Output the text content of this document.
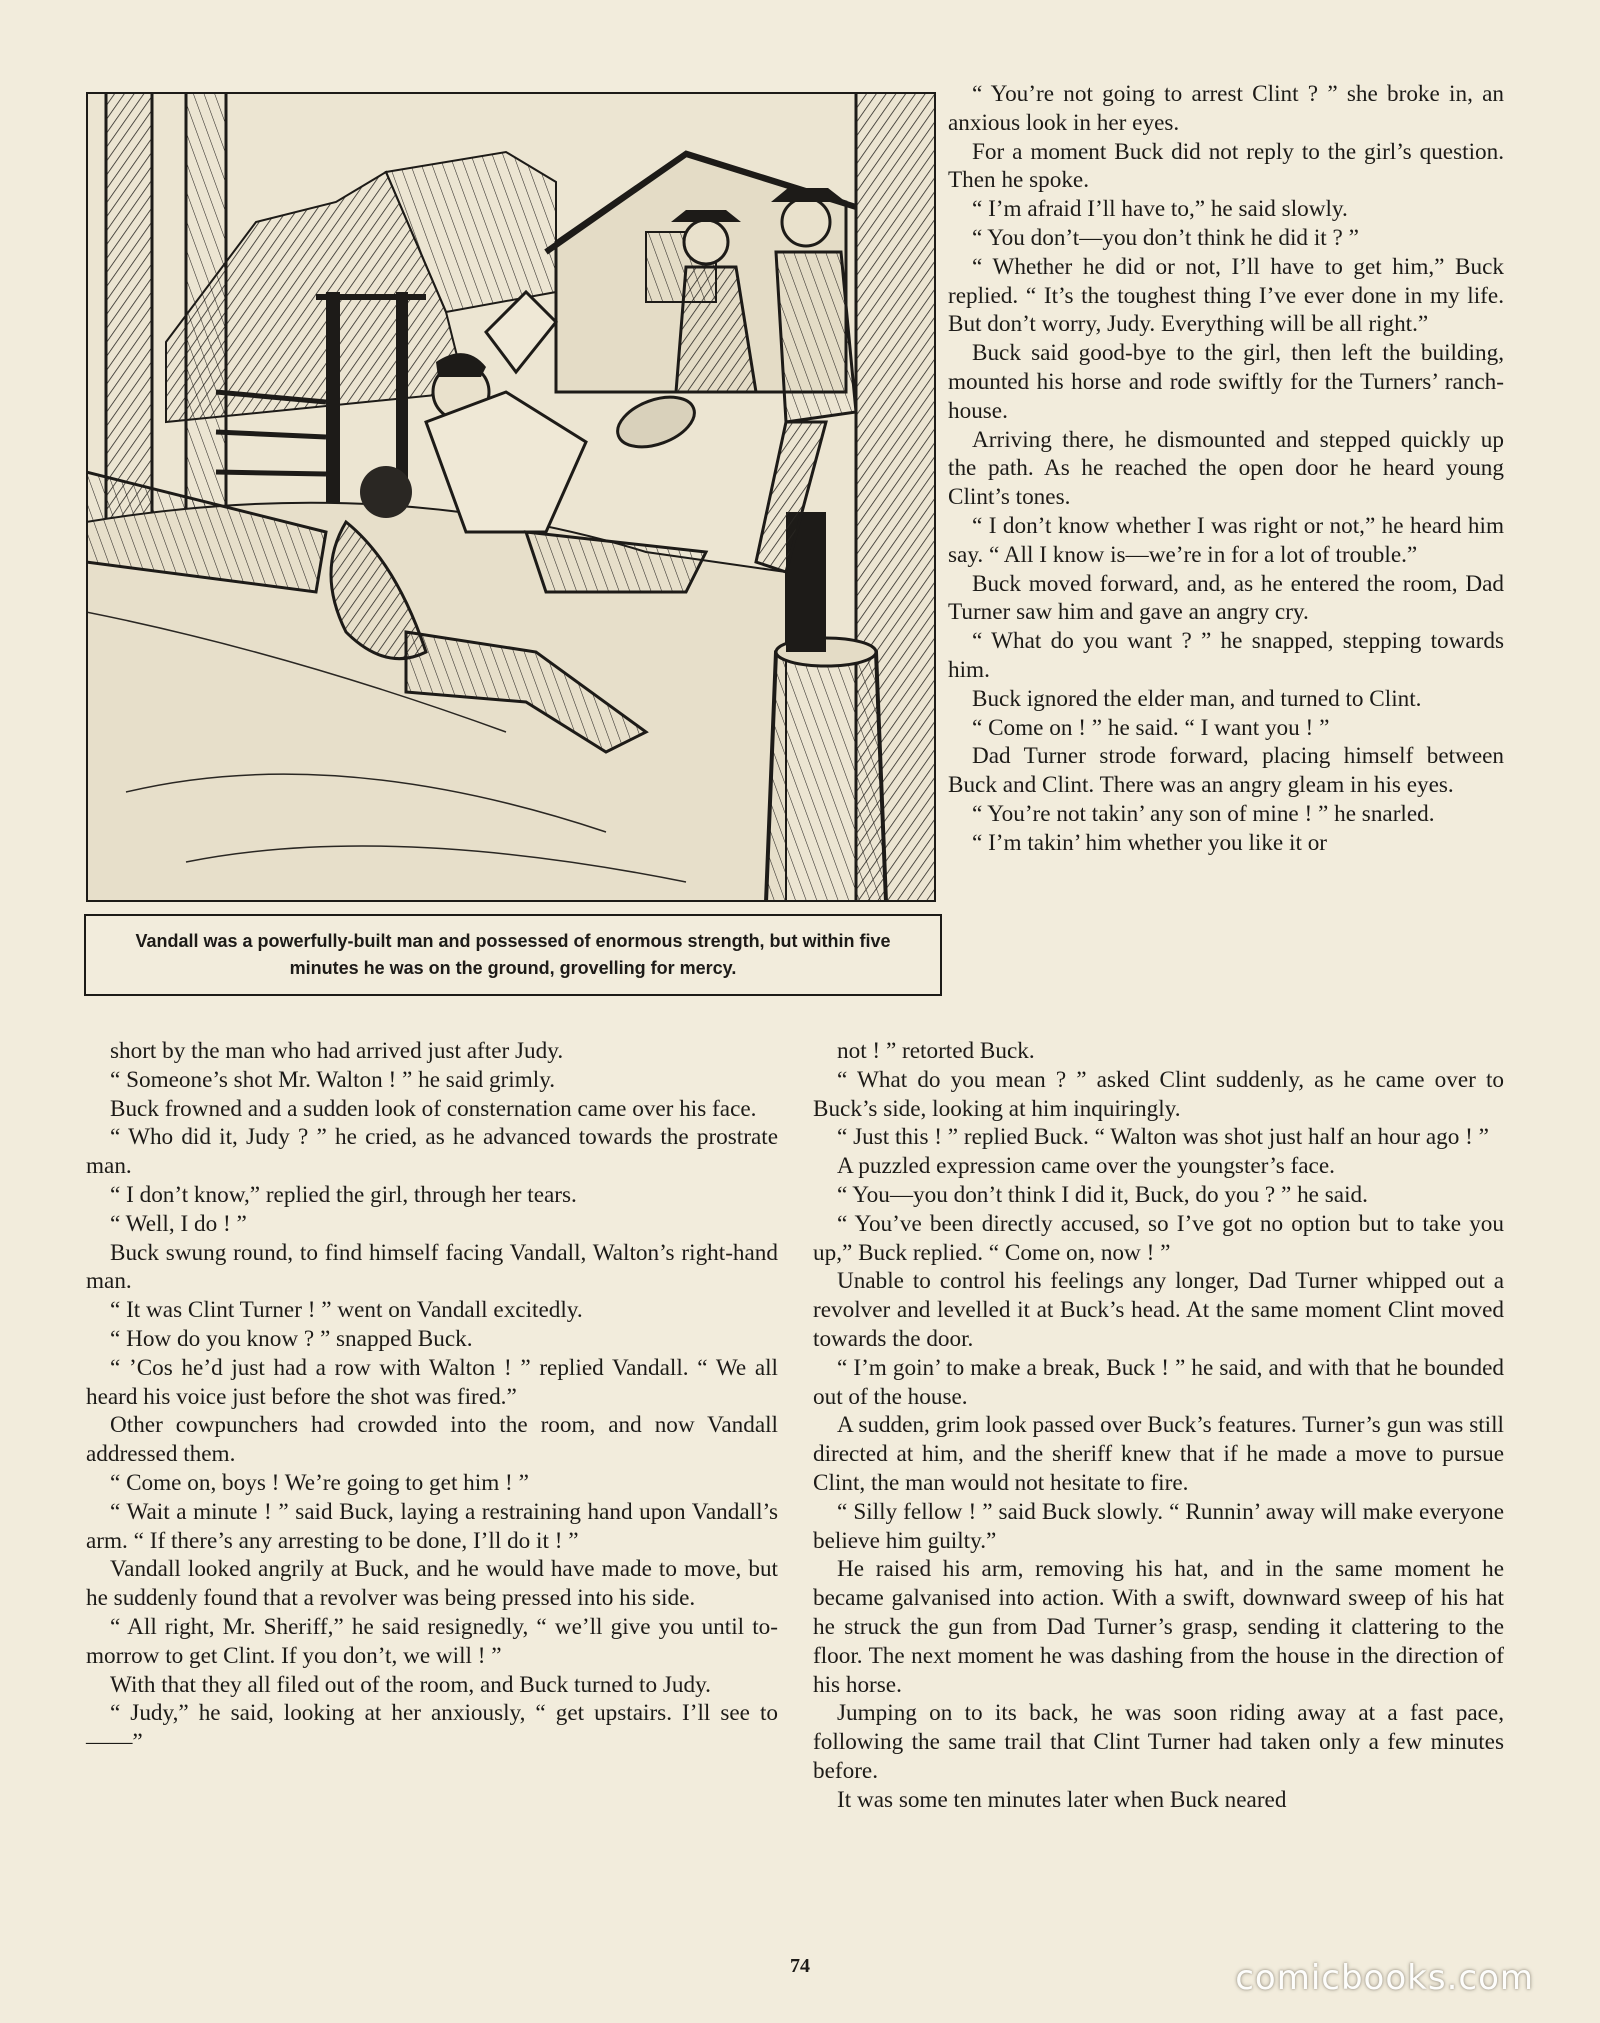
Vandall was a powerfully-built man and possessed of enormous strength, but within five minutes he was on the ground, grovelling for mercy.

“ You’re not going to arrest Clint ? ” she broke in, an anxious look in her eyes.

For a moment Buck did not reply to the girl’s question. Then he spoke.

“ I’m afraid I’ll have to,” he said slowly.

“ You don’t—you don’t think he did it ? ”

“ Whether he did or not, I’ll have to get him,” Buck replied. “ It’s the toughest thing I’ve ever done in my life. But don’t worry, Judy. Everything will be all right.”

Buck said good-bye to the girl, then left the building, mounted his horse and rode swiftly for the Turners’ ranch-house.

Arriving there, he dismounted and stepped quickly up the path. As he reached the open door he heard young Clint’s tones.

“ I don’t know whether I was right or not,” he heard him say. “ All I know is—we’re in for a lot of trouble.”

Buck moved forward, and, as he entered the room, Dad Turner saw him and gave an angry cry.

“ What do you want ? ” he snapped, stepping towards him.

Buck ignored the elder man, and turned to Clint.

“ Come on ! ” he said. “ I want you ! ”

Dad Turner strode forward, placing himself between Buck and Clint. There was an angry gleam in his eyes.

“ You’re not takin’ any son of mine ! ” he snarled.

“ I’m takin’ him whether you like it or

short by the man who had arrived just after Judy.

“ Someone’s shot Mr. Walton ! ” he said grimly.

Buck frowned and a sudden look of consternation came over his face.

“ Who did it, Judy ? ” he cried, as he advanced towards the prostrate man.

“ I don’t know,” replied the girl, through her tears.

“ Well, I do ! ”

Buck swung round, to find himself facing Vandall, Walton’s right-hand man.

“ It was Clint Turner ! ” went on Vandall excitedly.

“ How do you know ? ” snapped Buck.

“ ’Cos he’d just had a row with Walton ! ” replied Vandall. “ We all heard his voice just before the shot was fired.”

Other cowpunchers had crowded into the room, and now Vandall addressed them.

“ Come on, boys ! We’re going to get him ! ”

“ Wait a minute ! ” said Buck, laying a restraining hand upon Vandall’s arm. “ If there’s any arresting to be done, I’ll do it ! ”

Vandall looked angrily at Buck, and he would have made to move, but he suddenly found that a revolver was being pressed into his side.

“ All right, Mr. Sheriff,” he said resignedly, “ we’ll give you until to-morrow to get Clint. If you don’t, we will ! ”

With that they all filed out of the room, and Buck turned to Judy.

“ Judy,” he said, looking at her anxiously, “ get upstairs. I’ll see to——”

not ! ” retorted Buck.

“ What do you mean ? ” asked Clint suddenly, as he came over to Buck’s side, looking at him inquiringly.

“ Just this ! ” replied Buck. “ Walton was shot just half an hour ago ! ”

A puzzled expression came over the youngster’s face.

“ You—you don’t think I did it, Buck, do you ? ” he said.

“ You’ve been directly accused, so I’ve got no option but to take you up,” Buck replied. “ Come on, now ! ”

Unable to control his feelings any longer, Dad Turner whipped out a revolver and levelled it at Buck’s head. At the same moment Clint moved towards the door.

“ I’m goin’ to make a break, Buck ! ” he said, and with that he bounded out of the house.

A sudden, grim look passed over Buck’s features. Turner’s gun was still directed at him, and the sheriff knew that if he made a move to pursue Clint, the man would not hesitate to fire.

“ Silly fellow ! ” said Buck slowly. “ Runnin’ away will make everyone believe him guilty.”

He raised his arm, removing his hat, and in the same moment he became galvanised into action. With a swift, downward sweep of his hat he struck the gun from Dad Turner’s grasp, sending it clattering to the floor. The next moment he was dashing from the house in the direction of his horse.

Jumping on to its back, he was soon riding away at a fast pace, following the same trail that Clint Turner had taken only a few minutes before.

It was some ten minutes later when Buck neared

74	comicbooks.com
